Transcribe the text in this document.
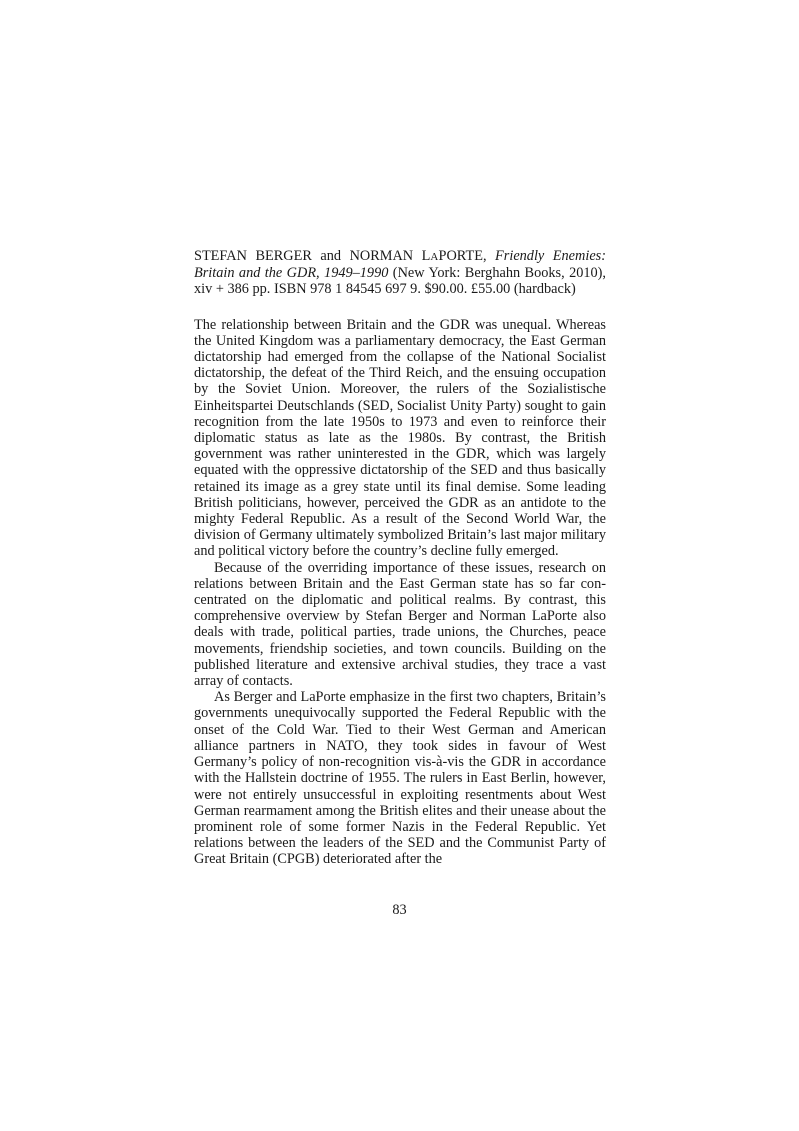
STEFAN BERGER and NORMAN LAPORTE, Friendly Enemies: Britain and the GDR, 1949–1990 (New York: Berghahn Books, 2010), xiv + 386 pp. ISBN 978 1 84545 697 9. $90.00. £55.00 (hardback)

The relationship between Britain and the GDR was unequal. Whereas the United Kingdom was a parliamentary democracy, the East German dictatorship had emerged from the collapse of the National Socialist dictatorship, the defeat of the Third Reich, and the ensuing occupation by the Soviet Union. Moreover, the rulers of the Sozialistische Einheitspartei Deutschlands (SED, Socialist Unity Party) sought to gain recognition from the late 1950s to 1973 and even to reinforce their diplomatic status as late as the 1980s. By contrast, the British government was rather uninterested in the GDR, which was largely equated with the oppressive dictatorship of the SED and thus basically retained its image as a grey state until its final demise. Some leading British politicians, however, perceived the GDR as an antidote to the mighty Federal Republic. As a result of the Second World War, the division of Germany ultimately symbolized Britain’s last major military and political victory before the country’s decline fully emerged.

Because of the overriding importance of these issues, research on relations between Britain and the East German state has so far concentrated on the diplomatic and political realms. By contrast, this comprehensive overview by Stefan Berger and Norman LaPorte also deals with trade, political parties, trade unions, the Churches, peace movements, friendship societies, and town councils. Building on the published literature and extensive archival studies, they trace a vast array of contacts.

As Berger and LaPorte emphasize in the first two chapters, Britain’s governments unequivocally supported the Federal Republic with the onset of the Cold War. Tied to their West German and American alliance partners in NATO, they took sides in favour of West Germany’s policy of non-recognition vis-à-vis the GDR in accordance with the Hallstein doctrine of 1955. The rulers in East Berlin, however, were not entirely unsuccessful in exploiting resentments about West German rearmament among the British elites and their unease about the prominent role of some former Nazis in the Federal Republic. Yet relations between the leaders of the SED and the Communist Party of Great Britain (CPGB) deteriorated after the

83
